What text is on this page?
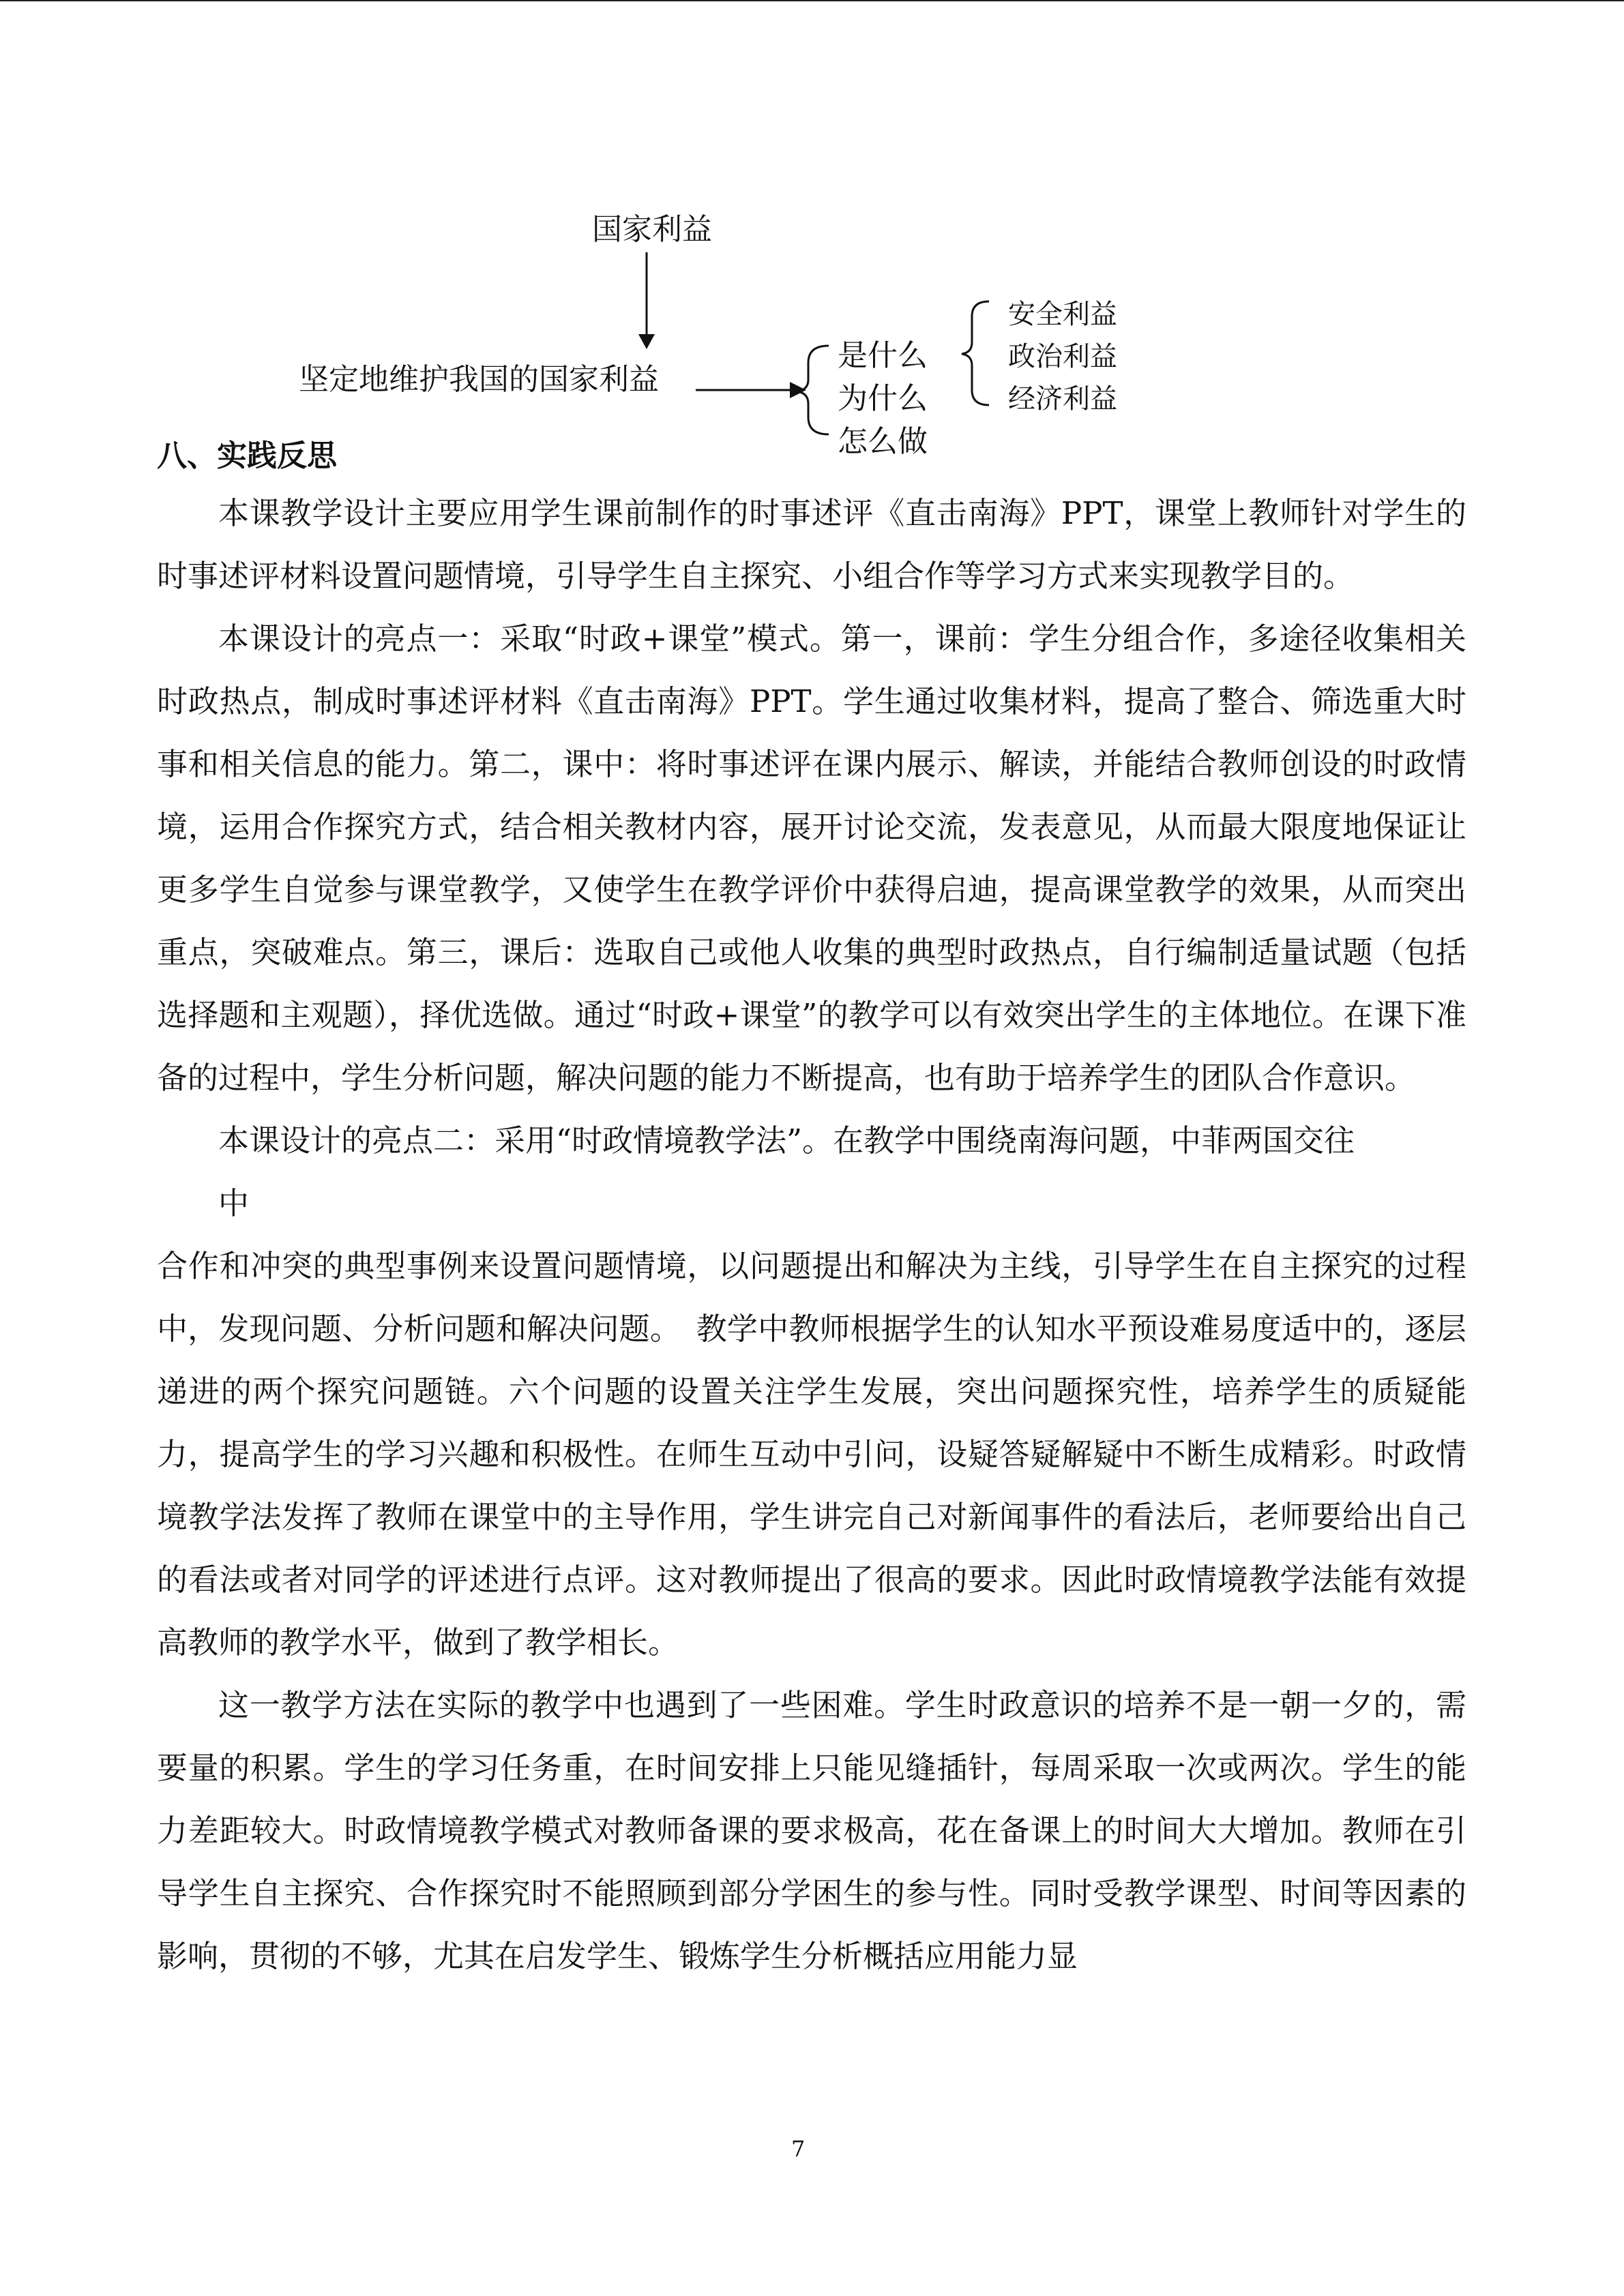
国家利益
坚定地维护我国的国家利益
是什么
为什么
怎么做
安全利益
政治利益
经济利益
八、实践反思

本课教学设计主要应用学生课前制作的时事述评《直击南海》PPT，课堂上教师针对学生的时事述评材料设置问题情境，引导学生自主探究、小组合作等学习方式来实现教学目的。

本课设计的亮点一：采取“时政+课堂”模式。第一，课前：学生分组合作，多途径收集相关时政热点，制成时事述评材料《直击南海》PPT。学生通过收集材料，提高了整合、筛选重大时事和相关信息的能力。第二，课中：将时事述评在课内展示、解读，并能结合教师创设的时政情境，运用合作探究方式，结合相关教材内容，展开讨论交流，发表意见，从而最大限度地保证让更多学生自觉参与课堂教学，又使学生在教学评价中获得启迪，提高课堂教学的效果，从而突出重点，突破难点。第三，课后：选取自己或他人收集的典型时政热点，自行编制适量试题（包括选择题和主观题），择优选做。通过“时政+课堂”的教学可以有效突出学生的主体地位。在课下准备的过程中，学生分析问题，解决问题的能力不断提高，也有助于培养学生的团队合作意识。

本课设计的亮点二：采用“时政情境教学法”。在教学中围绕南海问题，中菲两国交往

中

合作和冲突的典型事例来设置问题情境，以问题提出和解决为主线，引导学生在自主探究的过程中，发现问题、分析问题和解决问题。　教学中教师根据学生的认知水平预设难易度适中的，逐层递进的两个探究问题链。六个问题的设置关注学生发展，突出问题探究性，培养学生的质疑能力，提高学生的学习兴趣和积极性。在师生互动中引问，设疑答疑解疑中不断生成精彩。时政情境教学法发挥了教师在课堂中的主导作用，学生讲完自己对新闻事件的看法后，老师要给出自己的看法或者对同学的评述进行点评。这对教师提出了很高的要求。因此时政情境教学法能有效提高教师的教学水平，做到了教学相长。

这一教学方法在实际的教学中也遇到了一些困难。学生时政意识的培养不是一朝一夕的，需要量的积累。学生的学习任务重，在时间安排上只能见缝插针，每周采取一次或两次。学生的能力差距较大。时政情境教学模式对教师备课的要求极高，花在备课上的时间大大增加。教师在引导学生自主探究、合作探究时不能照顾到部分学困生的参与性。同时受教学课型、时间等因素的影响，贯彻的不够，尤其在启发学生、锻炼学生分析概括应用能力显

7
